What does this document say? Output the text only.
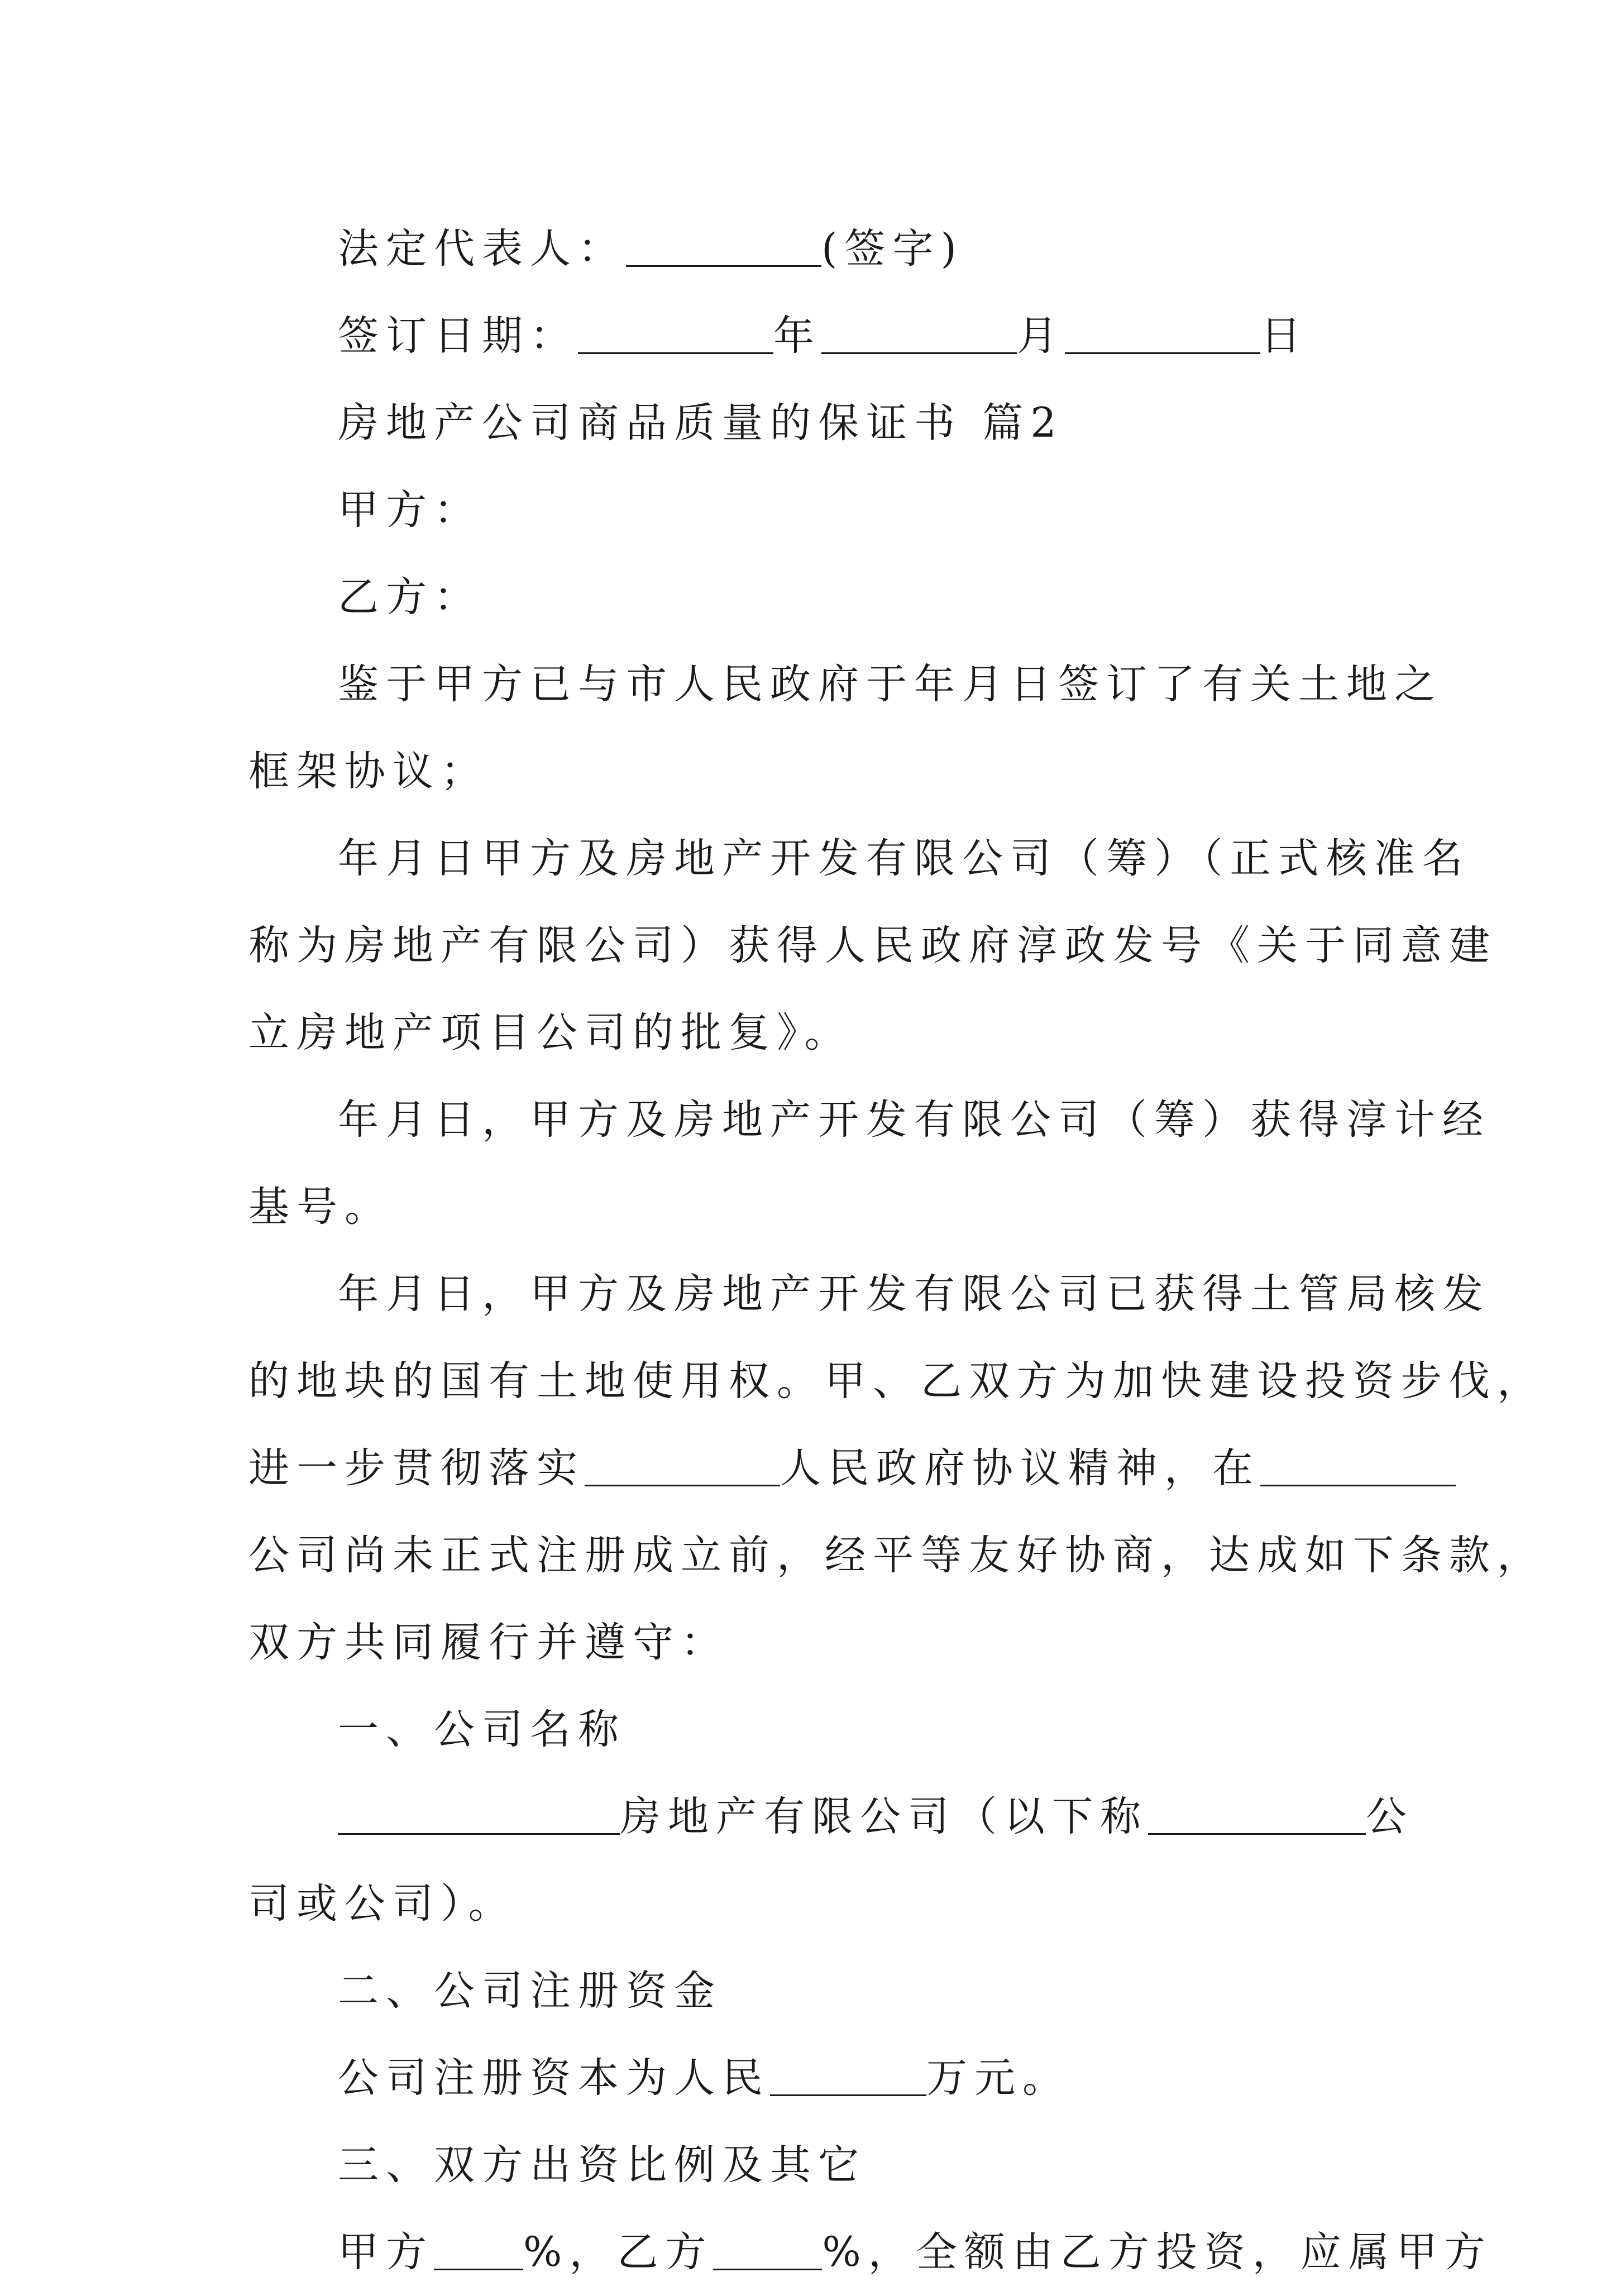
法定代表人：	(签字)
签订日期：	年	月	日
房地产公司商品质量的保证书 篇2
甲方：
乙方：
鉴于甲方已与市人民政府于年月日签订了有关土地之
框架协议；
年月日甲方及房地产开发有限公司（筹）（正式核准名
称为房地产有限公司）获得人民政府淳政发号《关于同意建
立房地产项目公司的批复》。
年月日，甲方及房地产开发有限公司（筹）获得淳计经
基号。
年月日，甲方及房地产开发有限公司已获得土管局核发
的地块的国有土地使用权。甲、乙双方为加快建设投资步伐，
进一步贯彻落实	人民政府协议精神，在
公司尚未正式注册成立前，经平等友好协商，达成如下条款，
双方共同履行并遵守：
一、公司名称
房地产有限公司（以下称	公
司或公司）。
二、公司注册资金
公司注册资本为人民	万元。
三、双方出资比例及其它
甲方 %，乙方	%，全额由乙方投资，应属甲方
